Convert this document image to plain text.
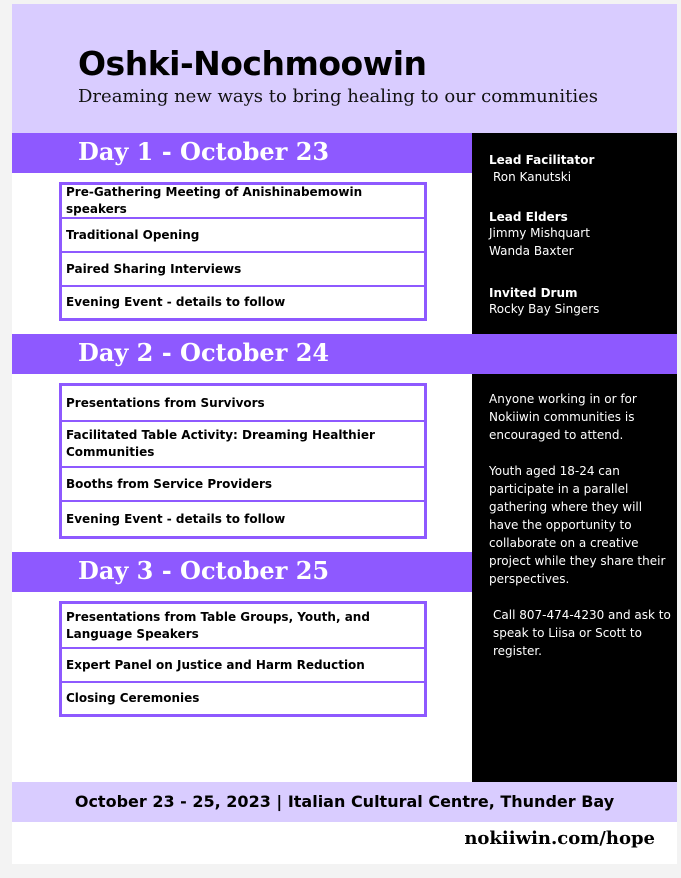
Oshki-Nochmoowin
Dreaming new ways to bring healing to our communities
Lead Facilitator
Ron Kanutski
Lead Elders
Jimmy Mishquart
Wanda Baxter
Invited Drum
Rocky Bay Singers

Anyone working in or for Nokiiwin communities is encouraged to attend.

Youth aged 18-24 can participate in a parallel gathering where they will have the opportunity to collaborate on a creative project while they share their perspectives.

Call 807-474-4230 and ask to speak to Liisa or Scott to register.

Day 1 - October 23
Pre-Gathering Meeting of Anishinabemowin speakers
Traditional Opening
Paired Sharing Interviews
Evening Event - details to follow
Day 2 - October 24
Presentations from Survivors
Facilitated Table Activity: Dreaming Healthier Communities
Booths from Service Providers
Evening Event - details to follow
Day 3 - October 25
Presentations from Table Groups, Youth, and Language Speakers
Expert Panel on Justice and Harm Reduction
Closing Ceremonies
October 23 - 25, 2023 | Italian Cultural Centre, Thunder Bay
nokiiwin.com/hope
